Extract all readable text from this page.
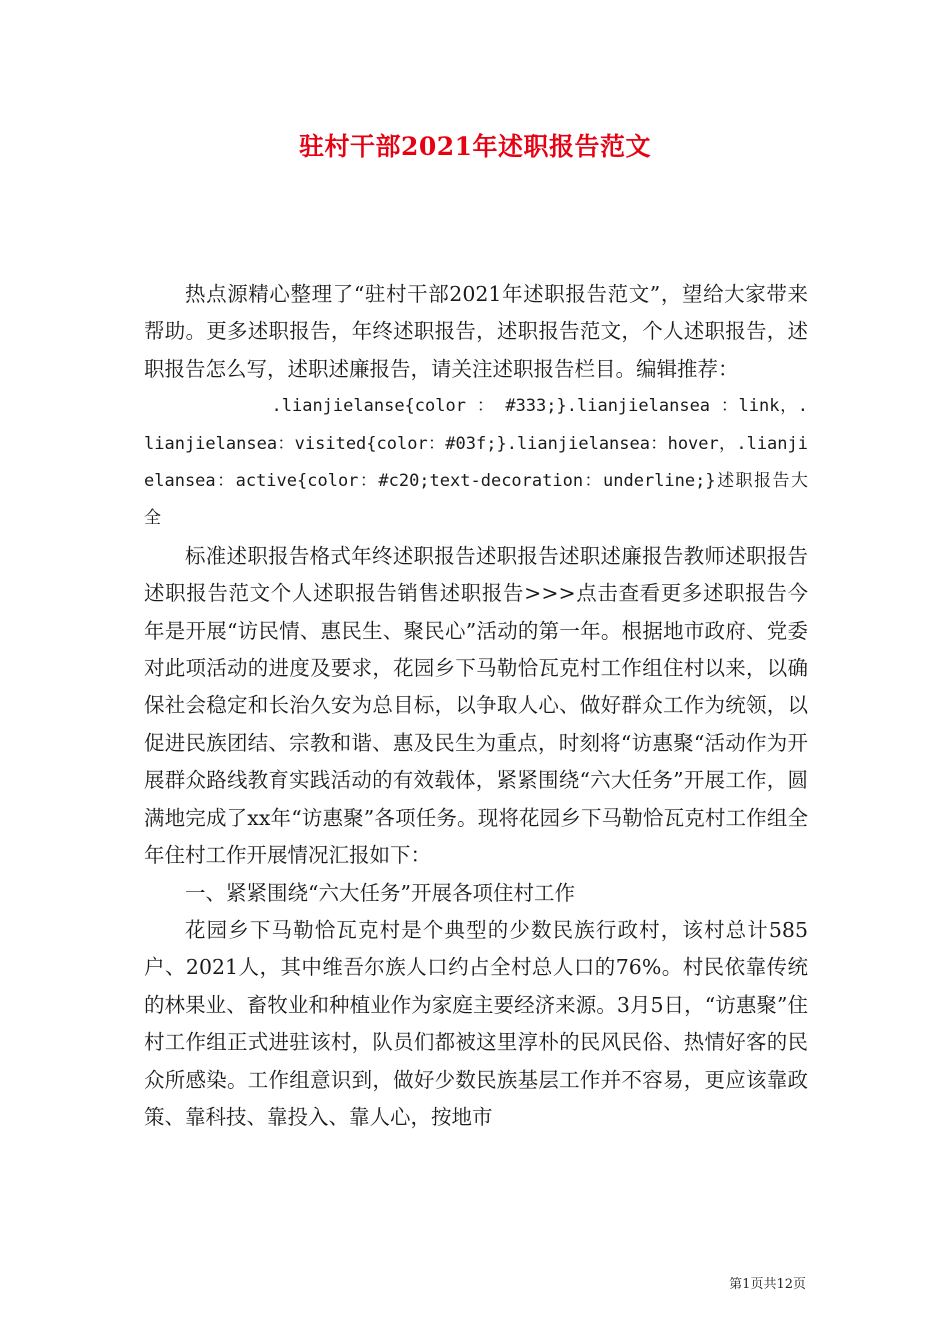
驻村干部2021年述职报告范文

热点源精心整理了“驻村干部2021年述职报告范文”，望给大家带来帮助。更多述职报告，年终述职报告，述职报告范文，个人述职报告，述职报告怎么写，述职述廉报告，请关注述职报告栏目。编辑推荐：

.lianjielanse{color ： #333;}.lianjielansea ：link，.lianjielansea：visited{color：#03f;}.lianjielansea：hover，.lianjielansea：active{color：#c20;text-decoration：underline;}述职报告大全

标准述职报告格式年终述职报告述职报告述职述廉报告教师述职报告述职报告范文个人述职报告销售述职报告>>>点击查看更多述职报告今年是开展“访民情、惠民生、聚民心”活动的第一年。根据地市政府、党委对此项活动的进度及要求，花园乡下马勒恰瓦克村工作组住村以来，以确保社会稳定和长治久安为总目标，以争取人心、做好群众工作为统领，以促进民族团结、宗教和谐、惠及民生为重点，时刻将“访惠聚“活动作为开展群众路线教育实践活动的有效载体，紧紧围绕“六大任务”开展工作，圆满地完成了xx年“访惠聚”各项任务。现将花园乡下马勒恰瓦克村工作组全年住村工作开展情况汇报如下：

一、紧紧围绕“六大任务”开展各项住村工作

花园乡下马勒恰瓦克村是个典型的少数民族行政村，该村总计585户、2021人，其中维吾尔族人口约占全村总人口的76%。村民依靠传统的林果业、畜牧业和种植业作为家庭主要经济来源。3月5日，“访惠聚”住村工作组正式进驻该村，队员们都被这里淳朴的民风民俗、热情好客的民众所感染。工作组意识到，做好少数民族基层工作并不容易，更应该靠政策、靠科技、靠投入、靠人心，按地市

第1页共12页
